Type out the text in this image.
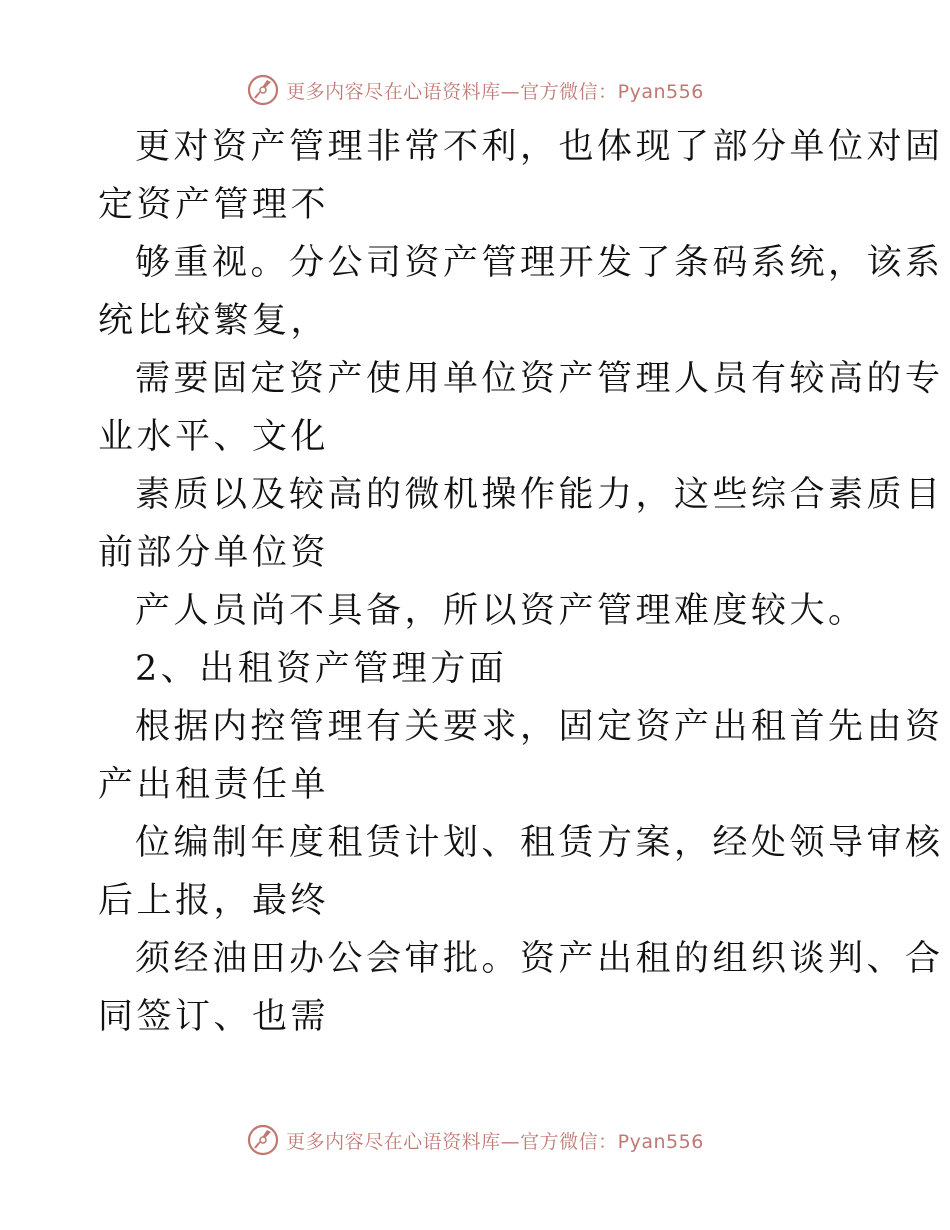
更多内容尽在心语资料库—官方微信：Pyan556
更对资产管理非常不利，也体现了部分单位对固
定资产管理不
够重视。分公司资产管理开发了条码系统，该系
统比较繁复，
需要固定资产使用单位资产管理人员有较高的专
业水平、文化
素质以及较高的微机操作能力，这些综合素质目
前部分单位资
产人员尚不具备，所以资产管理难度较大。
2、出租资产管理方面
根据内控管理有关要求，固定资产出租首先由资
产出租责任单
位编制年度租赁计划、租赁方案，经处领导审核
后上报，最终
须经油田办公会审批。资产出租的组织谈判、合
同签订、也需
更多内容尽在心语资料库—官方微信：Pyan556
